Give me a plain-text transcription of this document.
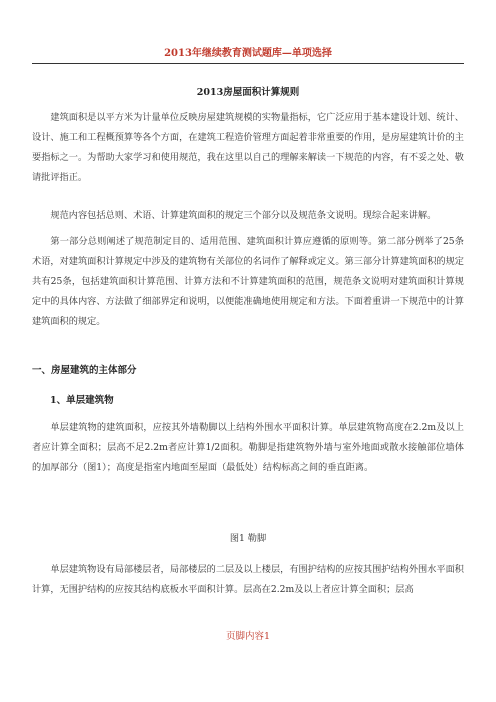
2013年继续教育测试题库—单项选择
2013房屋面积计算规则

建筑面积是以平方米为计量单位反映房屋建筑规模的实物量指标，它广泛应用于基本建设计划、统计、设计、施工和工程概预算等各个方面，在建筑工程造价管理方面起着非常重要的作用，是房屋建筑计价的主要指标之一。为帮助大家学习和使用规范，我在这里以自己的理解来解读一下规范的内容，有不妥之处、敬请批评指正。

规范内容包括总则、术语、计算建筑面积的规定三个部分以及规范条文说明。现综合起来讲解。

第一部分总则阐述了规范制定目的、适用范围、建筑面积计算应遵循的原则等。第二部分例举了25条术语，对建筑面积计算规定中涉及的建筑物有关部位的名词作了解释或定义。第三部分计算建筑面积的规定共有25条，包括建筑面积计算范围、计算方法和不计算建筑面积的范围，规范条文说明对建筑面积计算规定中的具体内容、方法做了细部界定和说明，以便能准确地使用规定和方法。下面着重讲一下规范中的计算建筑面积的规定。

一、房屋建筑的主体部分
1、单层建筑物

单层建筑物的建筑面积，应按其外墙勒脚以上结构外围水平面积计算。单层建筑物高度在2.2m及以上者应计算全面积；层高不足2.2m者应计算1/2面积。勒脚是指建筑物外墙与室外地面或散水接触部位墙体的加厚部分（图1）；高度是指室内地面至屋面（最低处）结构标高之间的垂直距离。

图1 勒脚

单层建筑物设有局部楼层者，局部楼层的二层及以上楼层，有围护结构的应按其围护结构外围水平面积计算，无围护结构的应按其结构底板水平面积计算。层高在2.2m及以上者应计算全面积；层高

页脚内容1
